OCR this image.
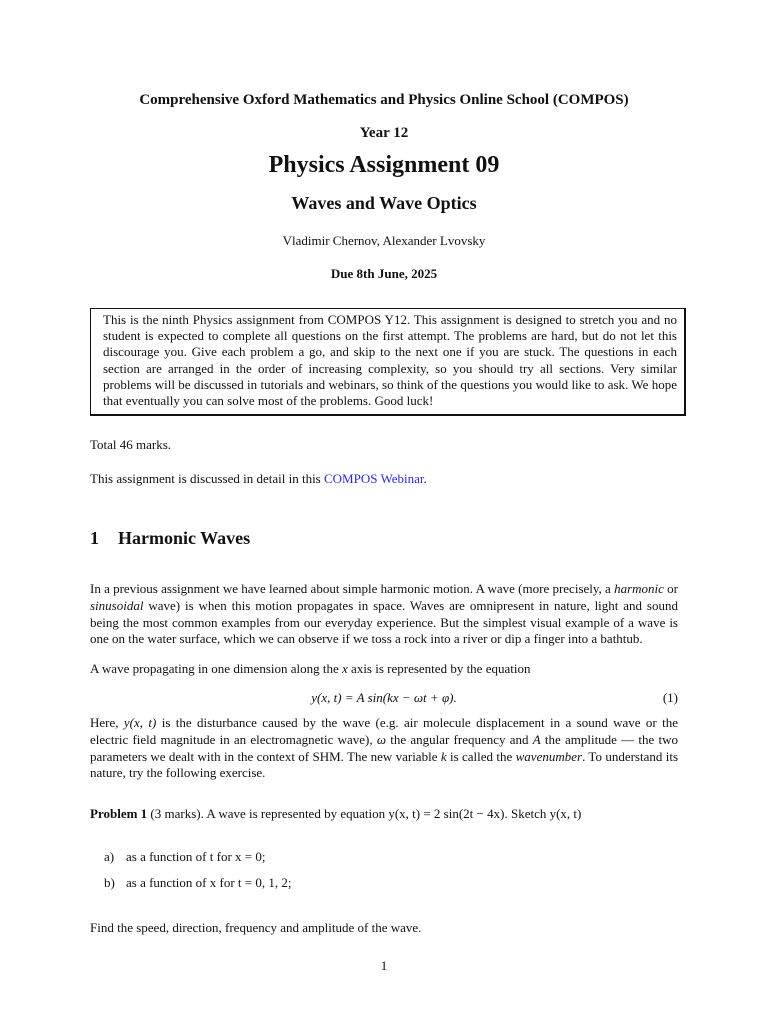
Comprehensive Oxford Mathematics and Physics Online School (COMPOS)
Year 12
Physics Assignment 09
Waves and Wave Optics
Vladimir Chernov, Alexander Lvovsky
Due 8th June, 2025
This is the ninth Physics assignment from COMPOS Y12. This assignment is designed to stretch you and no student is expected to complete all questions on the first attempt. The problems are hard, but do not let this discourage you. Give each problem a go, and skip to the next one if you are stuck. The questions in each section are arranged in the order of increasing complexity, so you should try all sections. Very similar problems will be discussed in tutorials and webinars, so think of the questions you would like to ask. We hope that eventually you can solve most of the problems. Good luck!
Total 46 marks.
This assignment is discussed in detail in this COMPOS Webinar.
1 Harmonic Waves
In a previous assignment we have learned about simple harmonic motion. A wave (more precisely, a harmonic or sinusoidal wave) is when this motion propagates in space. Waves are omnipresent in nature, light and sound being the most common examples from our everyday experience. But the simplest visual example of a wave is one on the water surface, which we can observe if we toss a rock into a river or dip a finger into a bathtub.
A wave propagating in one dimension along the x axis is represented by the equation
y(x, t) = A sin(kx − ωt + φ).	(1)
Here, y(x, t) is the disturbance caused by the wave (e.g. air molecule displacement in a sound wave or the electric field magnitude in an electromagnetic wave), ω the angular frequency and A the amplitude — the two parameters we dealt with in the context of SHM. The new variable k is called the wavenumber. To understand its nature, try the following exercise.
Problem 1 (3 marks). A wave is represented by equation y(x, t) = 2 sin(2t − 4x). Sketch y(x, t)
a) as a function of t for x = 0;
b) as a function of x for t = 0, 1, 2;
Find the speed, direction, frequency and amplitude of the wave.
1
